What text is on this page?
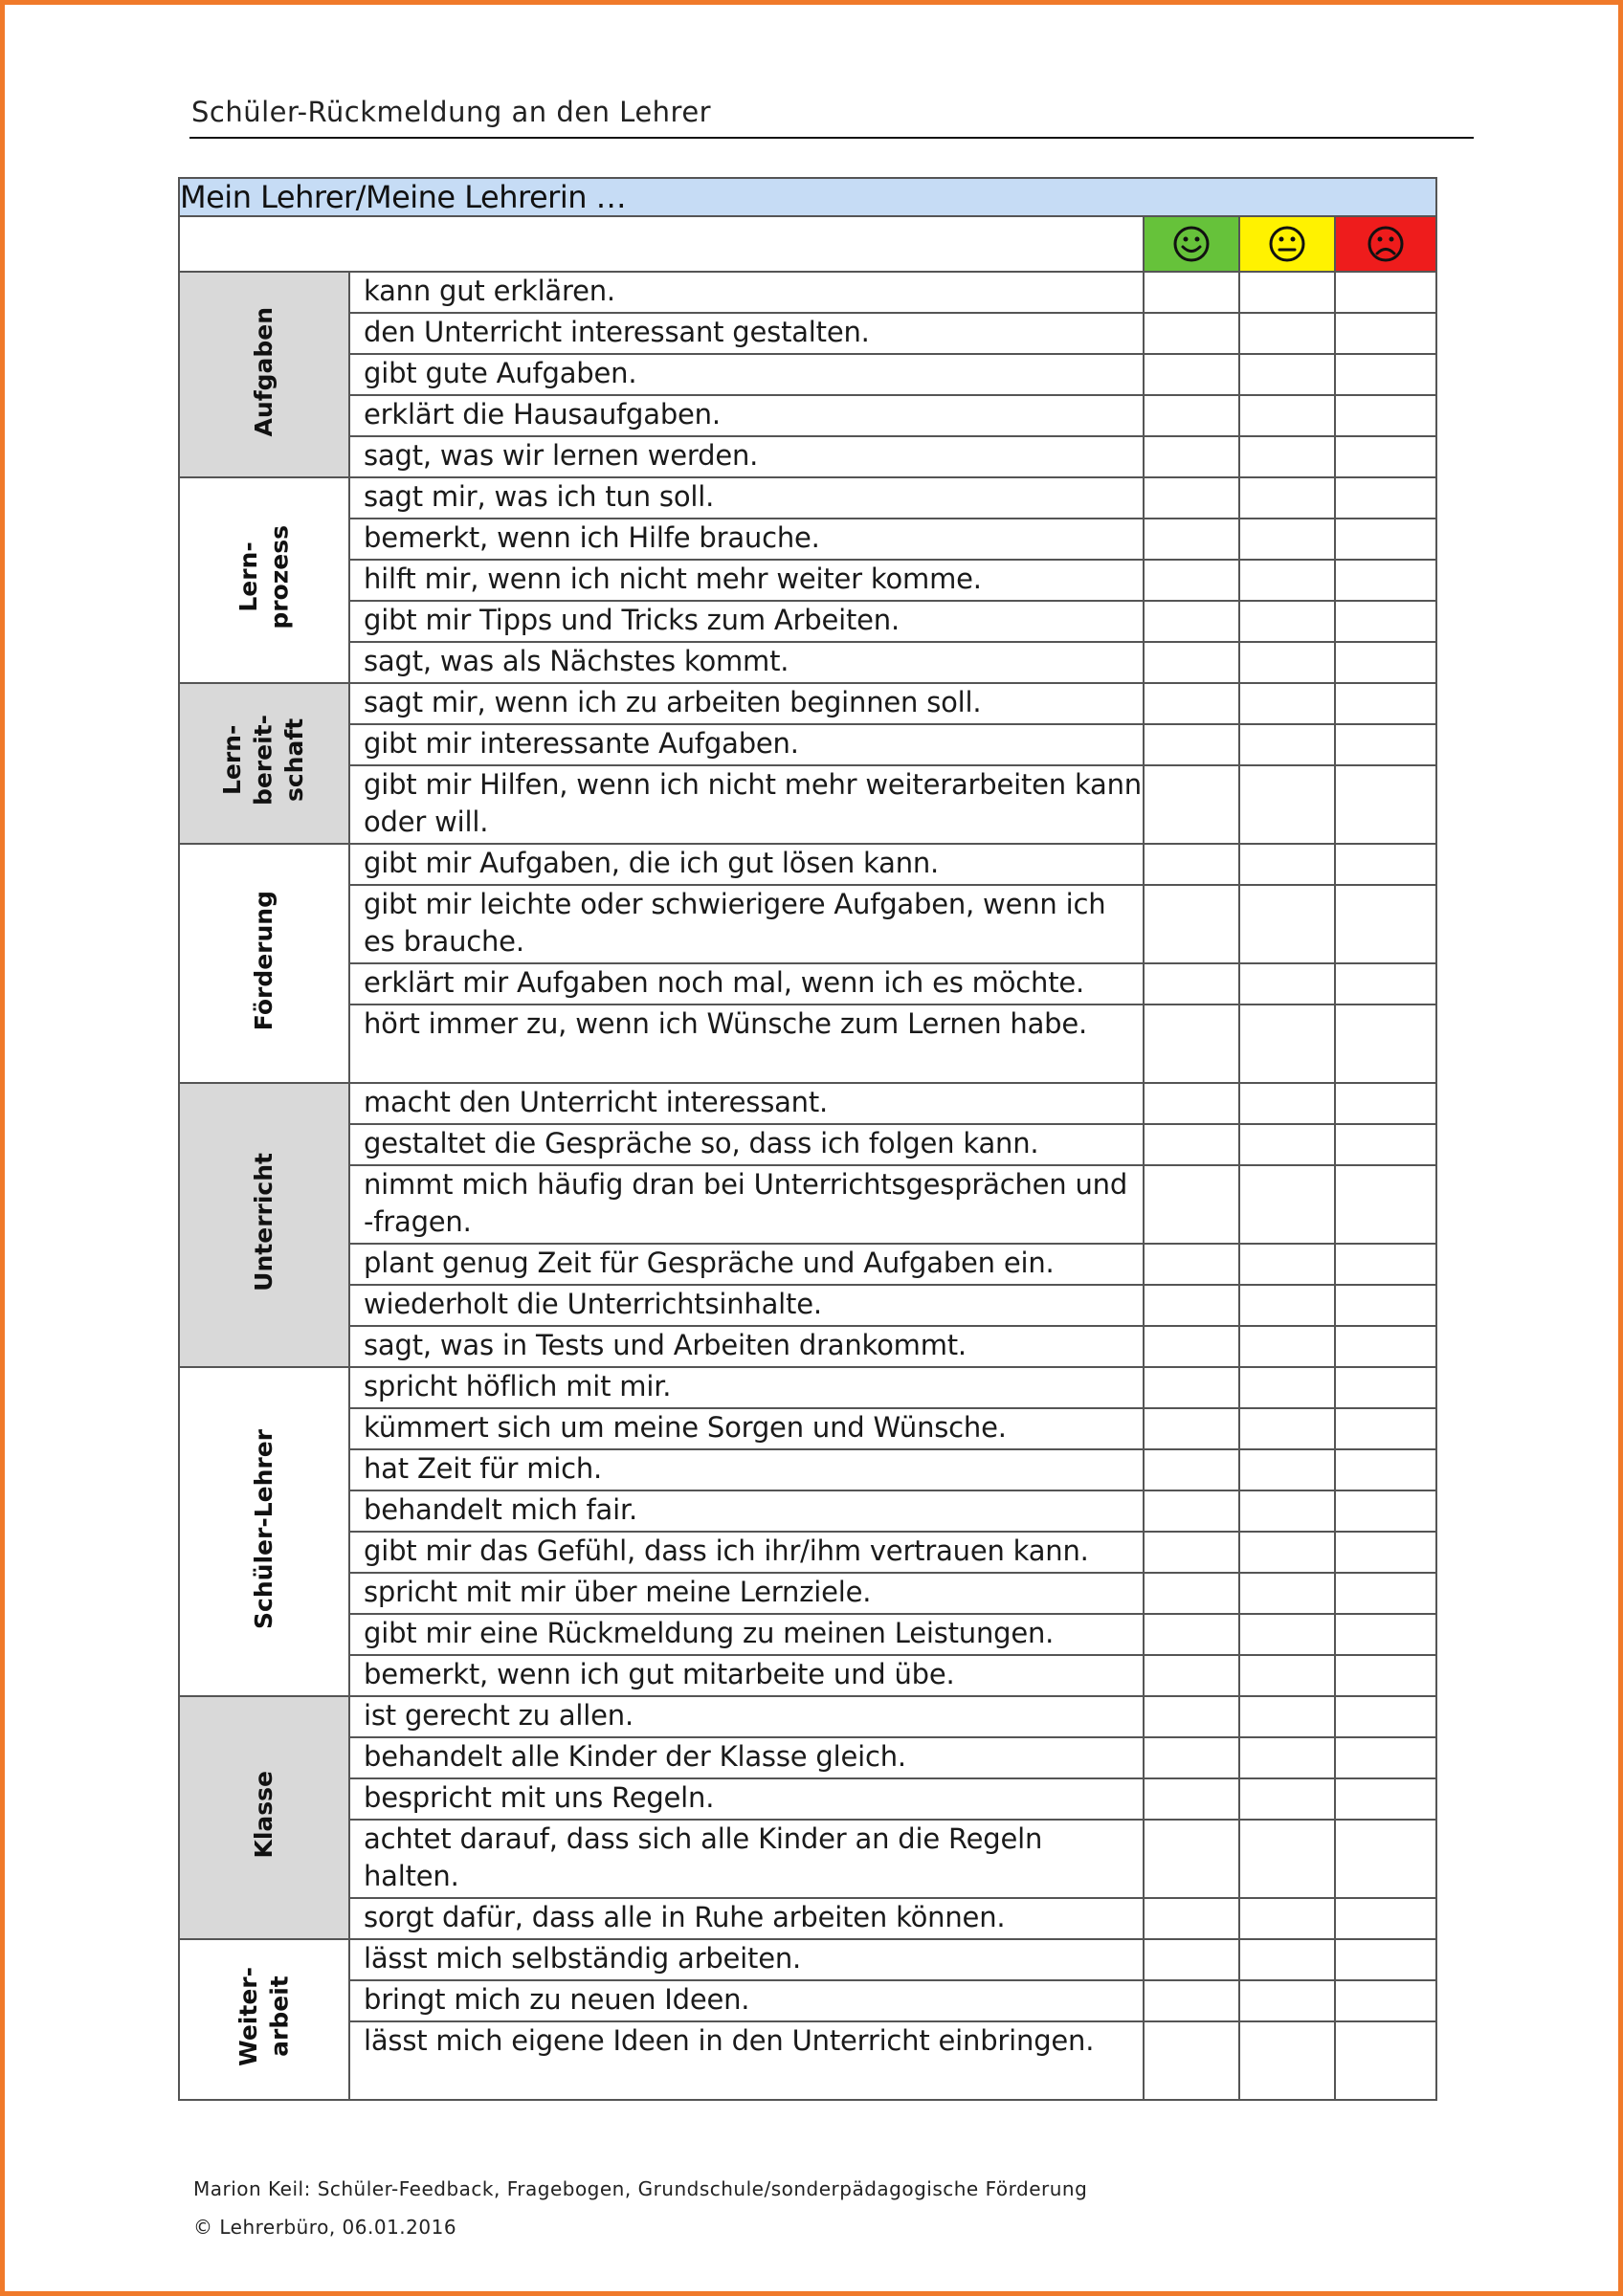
Schüler-Rückmeldung an den Lehrer
Mein Lehrer/Meine Lehrerin …				

Aufgaben	kann gut erklären.			
	den Unterricht interessant gestalten.			
	gibt gute Aufgaben.			
	erklärt die Hausaufgaben.			
	sagt, was wir lernen werden.			
Lern-
prozess	sagt mir, was ich tun soll.			
	bemerkt, wenn ich Hilfe brauche.			
	hilft mir, wenn ich nicht mehr weiter komme.			
	gibt mir Tipps und Tricks zum Arbeiten.			
	sagt, was als Nächstes kommt.			
Lern-
bereit-
schaft	sagt mir, wenn ich zu arbeiten beginnen soll.			
	gibt mir interessante Aufgaben.			
	gibt mir Hilfen, wenn ich nicht mehr weiterarbeiten kann oder will.			
Förderung	gibt mir Aufgaben, die ich gut lösen kann.			
	gibt mir leichte oder schwierigere Aufgaben, wenn ich es brauche.			
	erklärt mir Aufgaben noch mal, wenn ich es möchte.			
	hört immer zu, wenn ich Wünsche zum Lernen habe.			
Unterricht	macht den Unterricht interessant.			
	gestaltet die Gespräche so, dass ich folgen kann.			
	nimmt mich häufig dran bei Unterrichtsgesprächen und -fragen.			
	plant genug Zeit für Gespräche und Aufgaben ein.			
	wiederholt die Unterrichtsinhalte.			
	sagt, was in Tests und Arbeiten drankommt.			
Schüler-Lehrer	spricht höflich mit mir.			
	kümmert sich um meine Sorgen und Wünsche.			
	hat Zeit für mich.			
	behandelt mich fair.			
	gibt mir das Gefühl, dass ich ihr/ihm vertrauen kann.			
	spricht mit mir über meine Lernziele.			
	gibt mir eine Rückmeldung zu meinen Leistungen.			
	bemerkt, wenn ich gut mitarbeite und übe.			
Klasse	ist gerecht zu allen.			
	behandelt alle Kinder der Klasse gleich.			
	bespricht mit uns Regeln.			
	achtet darauf, dass sich alle Kinder an die Regeln halten.			
	sorgt dafür, dass alle in Ruhe arbeiten können.			
Weiter-
arbeit	lässt mich selbständig arbeiten.			
	bringt mich zu neuen Ideen.			
	lässt mich eigene Ideen in den Unterricht einbringen.			
Marion Keil: Schüler-Feedback, Fragebogen, Grundschule/sonderpädagogische Förderung
© Lehrerbüro, 06.01.2016
